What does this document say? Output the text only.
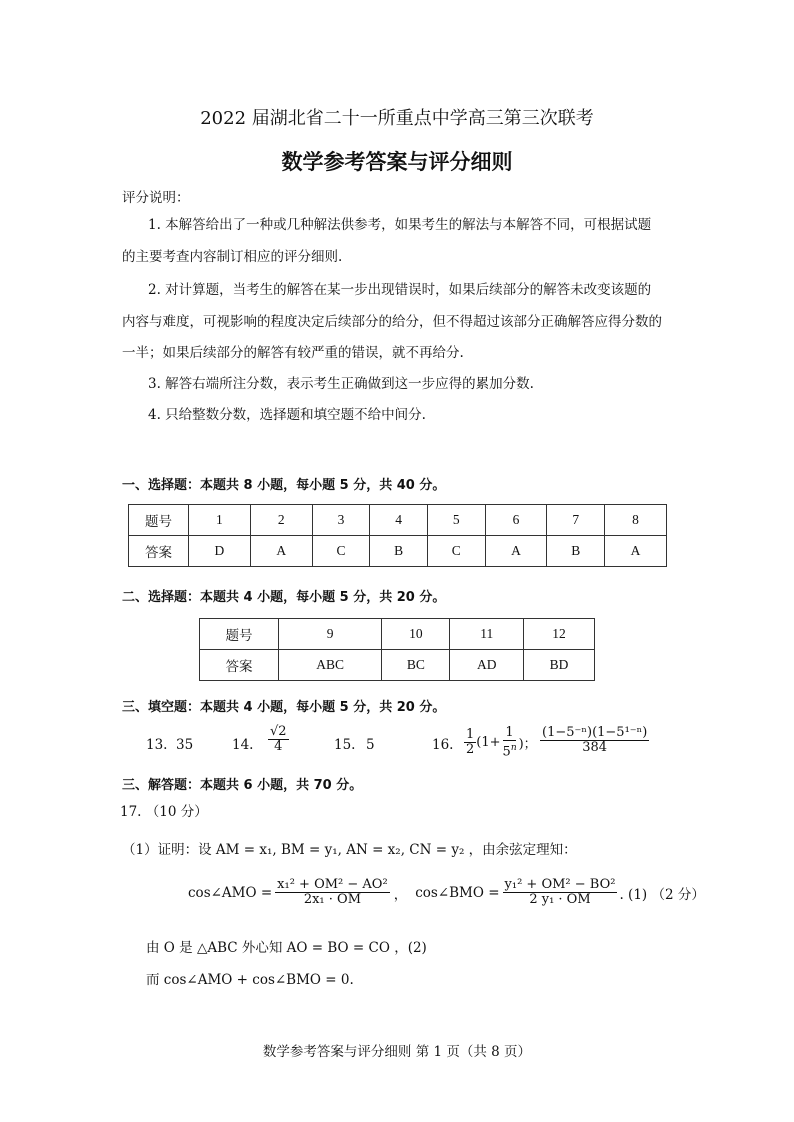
2022 届湖北省二十一所重点中学高三第三次联考
数学参考答案与评分细则
评分说明：
1. 本解答给出了一种或几种解法供参考，如果考生的解法与本解答不同，可根据试题
的主要考查内容制订相应的评分细则.
2. 对计算题，当考生的解答在某一步出现错误时，如果后续部分的解答未改变该题的
内容与难度，可视影响的程度决定后续部分的给分，但不得超过该部分正确解答应得分数的
一半；如果后续部分的解答有较严重的错误，就不再给分.
3. 解答右端所注分数，表示考生正确做到这一步应得的累加分数.
4. 只给整数分数，选择题和填空题不给中间分.
一、选择题：本题共 8 小题，每小题 5 分，共 40 分。
题号	1	2	3	4	5	6	7	8
答案	D	A	C	B	C	A	B	A
二、选择题：本题共 4 小题，每小题 5 分，共 20 分。
题号	9	10	11	12
答案	ABC	BC	AD	BD
三、填空题：本题共 4 小题，每小题 5 分，共 20 分。
13. 35	14. $\frac{√2}{4}$	15. 5	16. $\frac{1}{2} (1+ \frac{1}{5^n}$ )； $\frac{\text{(1−5⁻ⁿ)(1−5¹⁻ⁿ)}}{384}$
三、解答题：本题共 6 小题，共 70 分。
17. （10 分）
（1）证明：设 AM = x₁, BM = y₁, AN = x₂, CN = y₂ ，由余弦定理知：
cos∠AMO = $\frac{\text{x₁² + OM² − AO²}}{\text{2x₁ · OM}}$ ， cos∠BMO = $\frac{\text{y₁² + OM² − BO²}}{\text{2 y₁ · OM}}$ . (1) （2 分）
由 O 是 △ABC 外心知 AO = BO = CO ，(2)
而 cos∠AMO + cos∠BMO = 0.
数学参考答案与评分细则 第 1 页（共 8 页）
